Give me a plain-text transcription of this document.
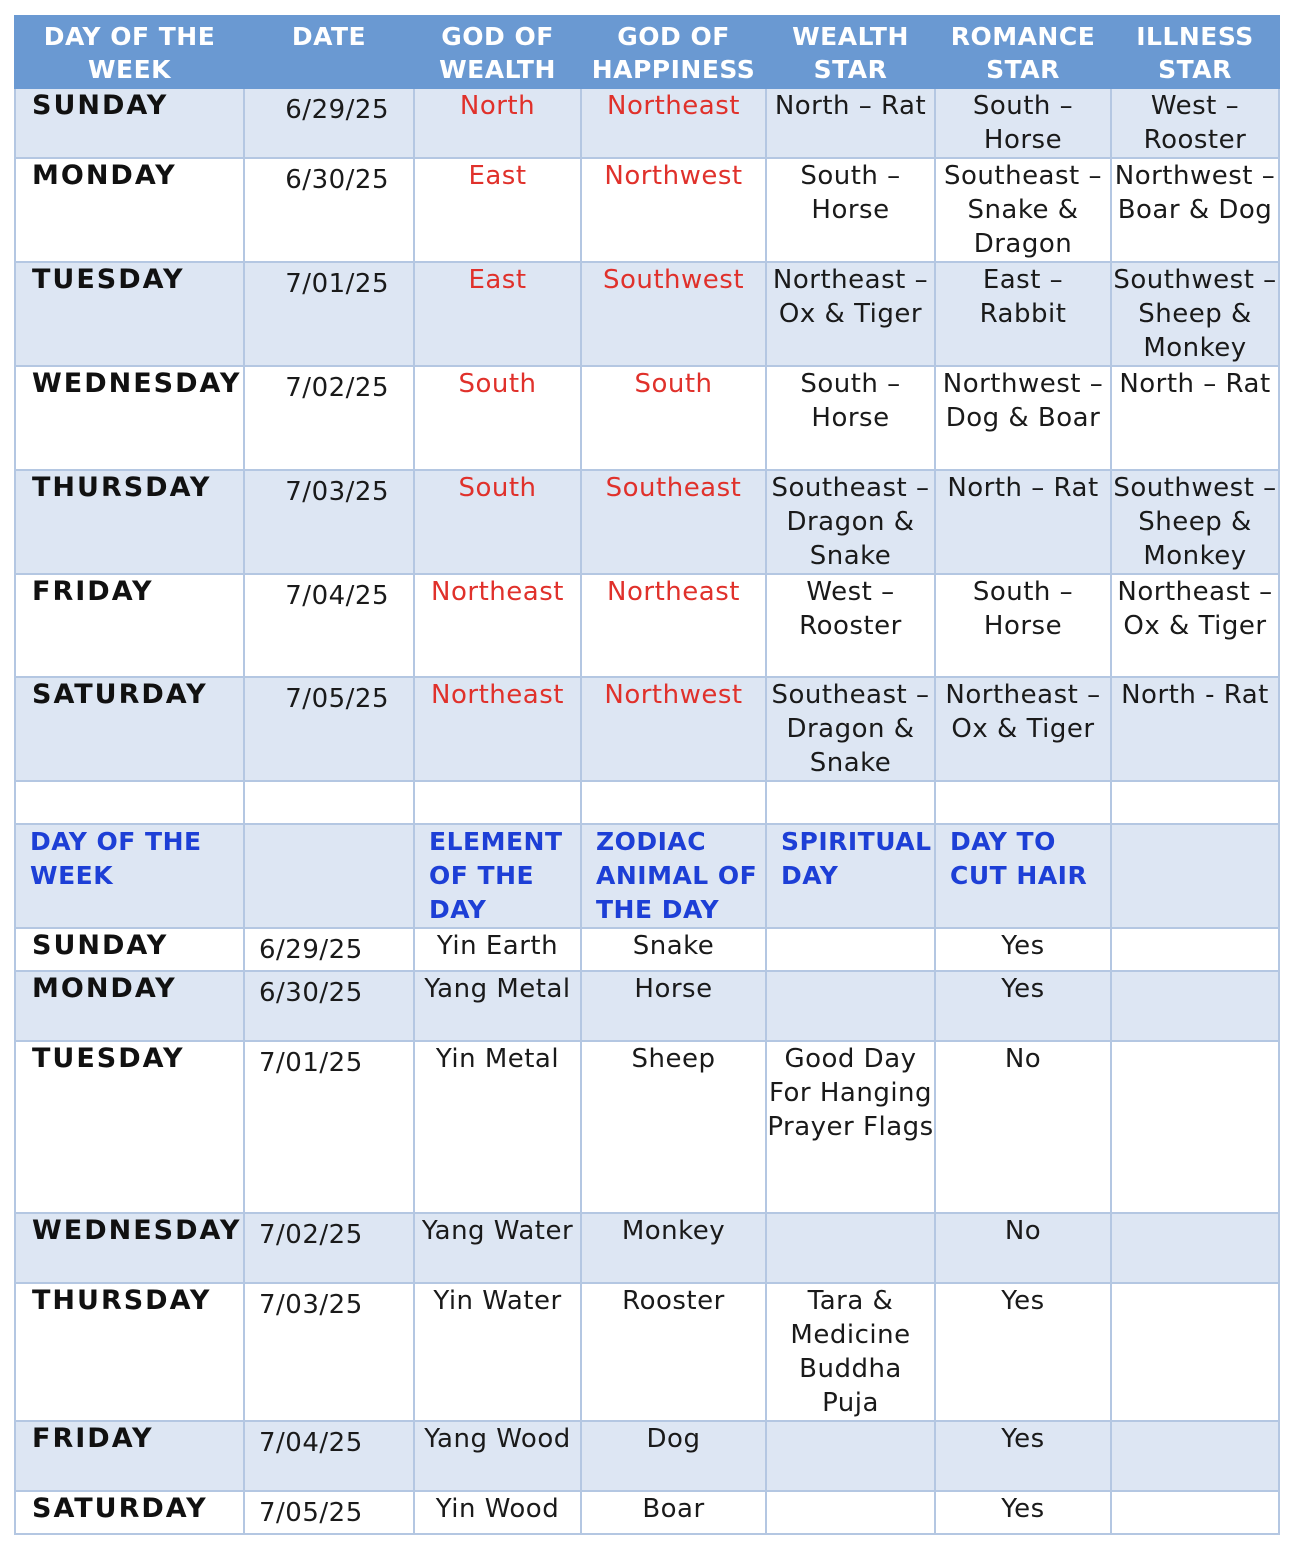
DAY OF THE WEEK	DATE	GOD OF WEALTH	GOD OF HAPPINESS	WEALTH STAR	ROMANCE STAR	ILLNESS STAR
SUNDAY	6/29/25	North	Northeast	North – Rat	South – Horse	West – Rooster
MONDAY	6/30/25	East	Northwest	South – Horse	Southeast – Snake & Dragon	Northwest – Boar & Dog
TUESDAY	7/01/25	East	Southwest	Northeast – Ox & Tiger	East – Rabbit	Southwest – Sheep & Monkey
WEDNESDAY	7/02/25	South	South	South – Horse	Northwest – Dog & Boar	North – Rat
THURSDAY	7/03/25	South	Southeast	Southeast – Dragon & Snake	North – Rat	Southwest – Sheep & Monkey
FRIDAY	7/04/25	Northeast	Northeast	West – Rooster	South – Horse	Northeast – Ox & Tiger
SATURDAY	7/05/25	Northeast	Northwest	Southeast – Dragon & Snake	Northeast – Ox & Tiger	North - Rat

DAY OF THE WEEK		ELEMENT OF THE DAY	ZODIAC ANIMAL OF THE DAY	SPIRITUAL DAY	DAY TO CUT HAIR	
SUNDAY	6/29/25	Yin Earth	Snake		Yes	
MONDAY	6/30/25	Yang Metal	Horse		Yes	
TUESDAY	7/01/25	Yin Metal	Sheep	Good Day For Hanging Prayer Flags	No	
WEDNESDAY	7/02/25	Yang Water	Monkey		No	
THURSDAY	7/03/25	Yin Water	Rooster	Tara & Medicine Buddha Puja	Yes	
FRIDAY	7/04/25	Yang Wood	Dog		Yes	
SATURDAY	7/05/25	Yin Wood	Boar		Yes	
